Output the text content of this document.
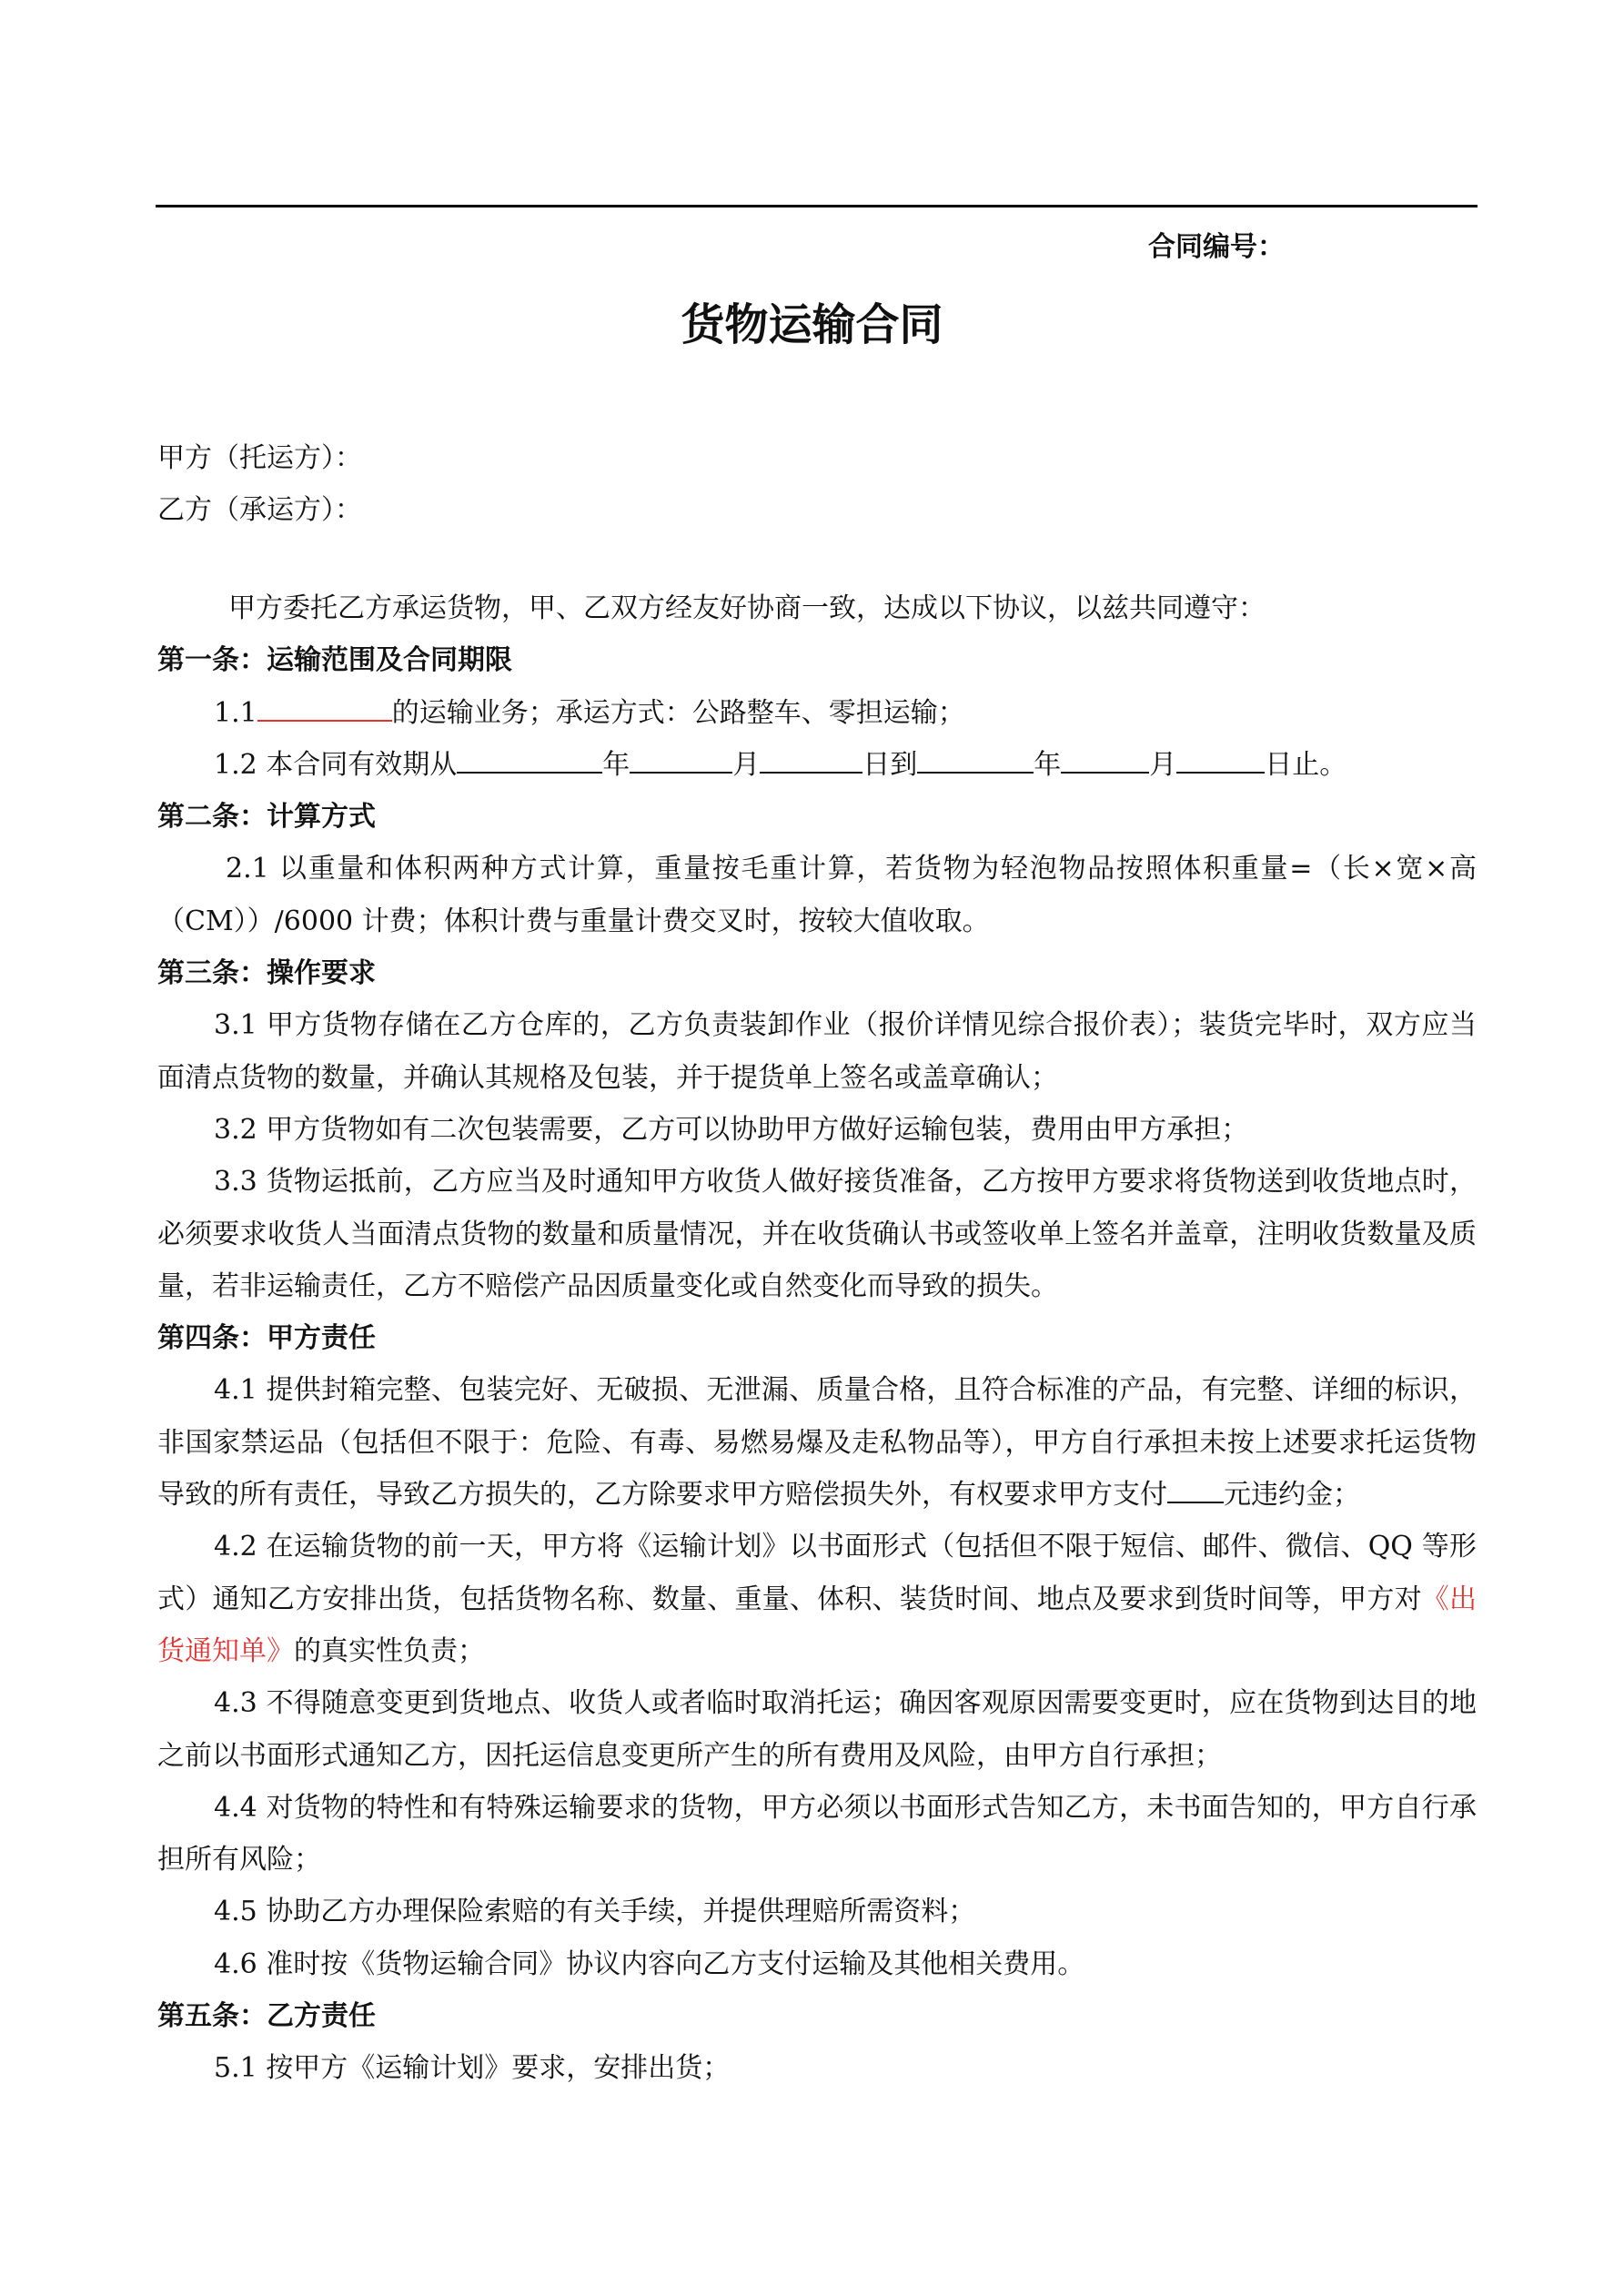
合同编号：
货物运输合同
甲方（托运方）：
乙方（承运方）：

甲方委托乙方承运货物，甲、乙双方经友好协商一致，达成以下协议，以兹共同遵守：

第一条：运输范围及合同期限

1.1	的运输业务；承运方式：公路整车、零担运输；

1.2 本合同有效期从	年	月	日到	年	月	日止。

第二条：计算方式

2.1 以重量和体积两种方式计算，重量按毛重计算，若货物为轻泡物品按照体积重量=（长×宽×高（CM））/6000 计费；体积计费与重量计费交叉时，按较大值收取。

第三条：操作要求

3.1 甲方货物存储在乙方仓库的，乙方负责装卸作业（报价详情见综合报价表）；装货完毕时，双方应当面清点货物的数量，并确认其规格及包装，并于提货单上签名或盖章确认；

3.2 甲方货物如有二次包装需要，乙方可以协助甲方做好运输包装，费用由甲方承担；

3.3 货物运抵前，乙方应当及时通知甲方收货人做好接货准备，乙方按甲方要求将货物送到收货地点时，必须要求收货人当面清点货物的数量和质量情况，并在收货确认书或签收单上签名并盖章，注明收货数量及质量，若非运输责任，乙方不赔偿产品因质量变化或自然变化而导致的损失。

第四条：甲方责任

4.1 提供封箱完整、包装完好、无破损、无泄漏、质量合格，且符合标准的产品，有完整、详细的标识，非国家禁运品（包括但不限于：危险、有毒、易燃易爆及走私物品等），甲方自行承担未按上述要求托运货物导致的所有责任，导致乙方损失的，乙方除要求甲方赔偿损失外，有权要求甲方支付 元违约金；

4.2 在运输货物的前一天，甲方将《运输计划》以书面形式（包括但不限于短信、邮件、微信、QQ 等形式）通知乙方安排出货，包括货物名称、数量、重量、体积、装货时间、地点及要求到货时间等，甲方对《出货通知单》的真实性负责；

4.3 不得随意变更到货地点、收货人或者临时取消托运；确因客观原因需要变更时，应在货物到达目的地之前以书面形式通知乙方，因托运信息变更所产生的所有费用及风险，由甲方自行承担；

4.4 对货物的特性和有特殊运输要求的货物，甲方必须以书面形式告知乙方，未书面告知的，甲方自行承担所有风险；

4.5 协助乙方办理保险索赔的有关手续，并提供理赔所需资料；

4.6 准时按《货物运输合同》协议内容向乙方支付运输及其他相关费用。

第五条：乙方责任

5.1 按甲方《运输计划》要求，安排出货；
